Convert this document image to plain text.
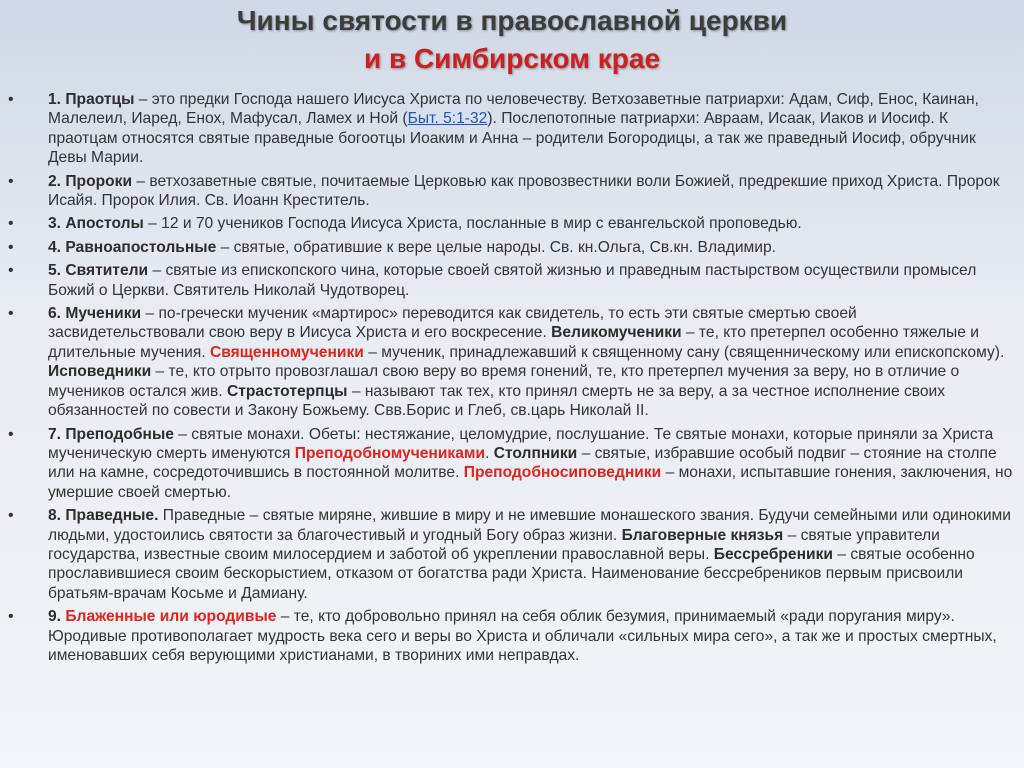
Чины святости в православной церкви
и в Симбирском крае
• 1. Праотцы – это предки Господа нашего Иисуса Христа по человечеству. Ветхозаветные патриархи: Адам, Сиф, Енос, Каинан, Малелеил, Иаред, Енох, Мафусал, Ламех и Ной (Быт. 5:1-32). Послепотопные патриархи: Авраам, Исаак, Иаков и Иосиф. К праотцам относятся святые праведные богоотцы Иоаким и Анна – родители Богородицы, а так же праведный Иосиф, обручник Девы Марии.
• 2. Пророки – ветхозаветные святые, почитаемые Церковью как провозвестники воли Божией, предрекшие приход Христа. Пророк Исайя. Пророк Илия. Св. Иоанн Креститель.
• 3. Апостолы – 12 и 70 учеников Господа Иисуса Христа, посланные в мир с евангельской проповедью.
• 4. Равноапостольные – святые, обратившие к вере целые народы. Св. кн.Ольга, Св.кн. Владимир.
• 5. Святители – святые из епископского чина, которые своей святой жизнью и праведным пастырством осуществили промысел Божий о Церкви. Святитель Николай Чудотворец.
• 6. Мученики – по-гречески мученик «мартирос» переводится как свидетель, то есть эти святые смертью своей засвидетельствовали свою веру в Иисуса Христа и его воскресение. Великомученики – те, кто претерпел особенно тяжелые и длительные мучения. Священномученики – мученик, принадлежавший к священному сану (священническому или епископскому). Исповедники – те, кто отрыто провозглашал свою веру во время гонений, те, кто претерпел мучения за веру, но в отличие о мучеников остался жив. Страстотерпцы – называют так тех, кто принял смерть не за веру, а за честное исполнение своих обязанностей по совести и Закону Божьему. Свв.Борис и Глеб, св.царь Николай II.
• 7. Преподобные – святые монахи. Обеты: нестяжание, целомудрие, послушание. Те святые монахи, которые приняли за Христа мученическую смерть именуются Преподобномучениками. Столпники – святые, избравшие особый подвиг – стояние на столпе или на камне, сосредоточившись в постоянной молитве. Преподобносиповедники – монахи, испытавшие гонения, заключения, но умершие своей смертью.
• 8. Праведные. Праведные – святые миряне, жившие в миру и не имевшие монашеского звания. Будучи семейными или одинокими людьми, удостоились святости за благочестивый и угодный Богу образ жизни. Благоверные князья – святые управители государства, известные своим милосердием и заботой об укреплении православной веры. Бессребреники – святые особенно прославившиеся своим бескорыстием, отказом от богатства ради Христа. Наименование бессребреников первым присвоили братьям-врачам Косьме и Дамиану.
• 9. Блаженные или юродивые – те, кто добровольно принял на себя облик безумия, принимаемый «ради поругания миру». Юродивые противополагает мудрость века сего и веры во Христа и обличали «сильных мира сего», а так же и простых смертных, именовавших себя верующими христианами, в твориних ими неправдах.
